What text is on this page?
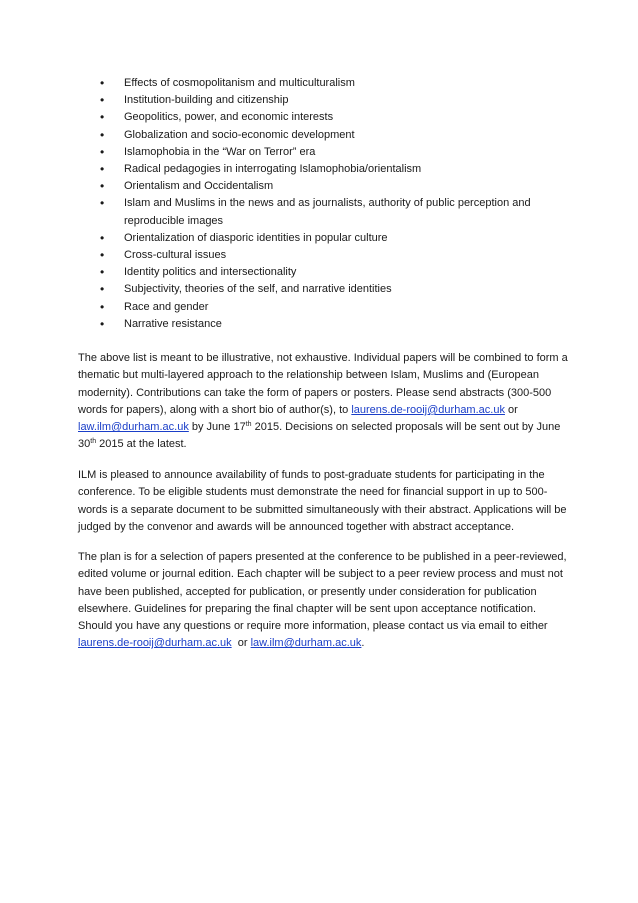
•	Effects of cosmopolitanism and multiculturalism
•	Institution-building and citizenship
•	Geopolitics, power, and economic interests
•	Globalization and socio-economic development
•	Islamophobia in the “War on Terror” era
•	Radical pedagogies in interrogating Islamophobia/orientalism
•	Orientalism and Occidentalism
•	Islam and Muslims in the news and as journalists, authority of public perception and reproducible images
•	Orientalization of diasporic identities in popular culture
•	Cross-cultural issues
•	Identity politics and intersectionality
•	Subjectivity, theories of the self, and narrative identities
•	Race and gender
•	Narrative resistance

The above list is meant to be illustrative, not exhaustive. Individual papers will be combined to form a thematic but multi-layered approach to the relationship between Islam, Muslims and (European modernity). Contributions can take the form of papers or posters. Please send abstracts (300-500 words for papers), along with a short bio of author(s), to laurens.de-rooij@durham.ac.uk or law.ilm@durham.ac.uk by June 17th 2015. Decisions on selected proposals will be sent out by June 30th 2015 at the latest.

ILM is pleased to announce availability of funds to post-graduate students for participating in the conference. To be eligible students must demonstrate the need for financial support in up to 500-words is a separate document to be submitted simultaneously with their abstract. Applications will be judged by the convenor and awards will be announced together with abstract acceptance.

The plan is for a selection of papers presented at the conference to be published in a peer-reviewed, edited volume or journal edition. Each chapter will be subject to a peer review process and must not have been published, accepted for publication, or presently under consideration for publication elsewhere. Guidelines for preparing the final chapter will be sent upon acceptance notification. Should you have any questions or require more information, please contact us via email to either laurens.de-rooij@durham.ac.uk  or law.ilm@durham.ac.uk.
